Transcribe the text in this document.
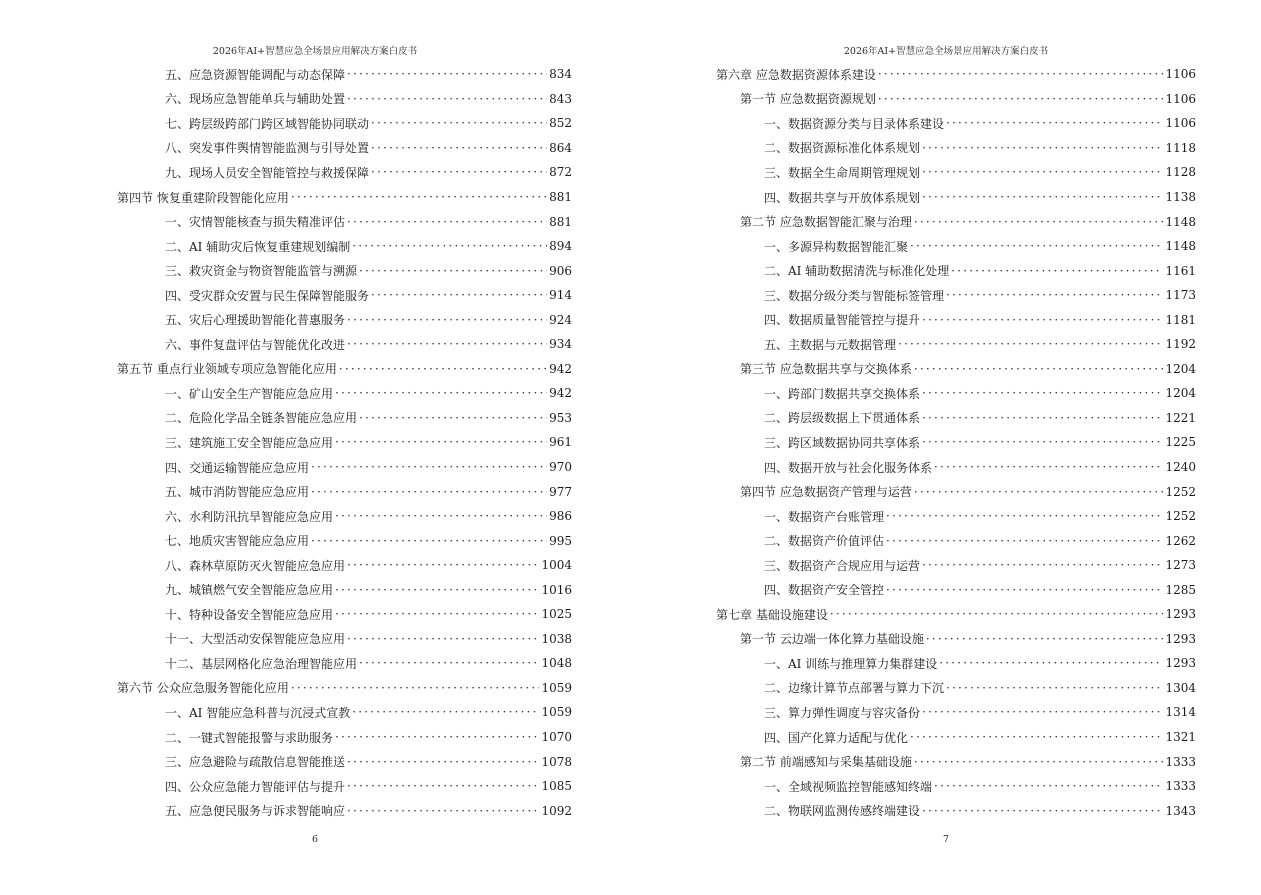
2026年AI+智慧应急全场景应用解决方案白皮书
五、应急资源智能调配与动态保障 ·····	834
六、现场应急智能单兵与辅助处置 ·····	843
七、跨层级跨部门跨区域智能协同联动 ·····	852
八、突发事件舆情智能监测与引导处置 ·····	864
九、现场人员安全智能管控与救援保障 ·····	872
第四节 恢复重建阶段智能化应用 ·····	881
一、灾情智能核查与损失精准评估 ·····	881
二、AI 辅助灾后恢复重建规划编制 ·····	894
三、救灾资金与物资智能监管与溯源 ·····	906
四、受灾群众安置与民生保障智能服务 ·····	914
五、灾后心理援助智能化普惠服务 ·····	924
六、事件复盘评估与智能优化改进 ·····	934
第五节 重点行业领域专项应急智能化应用 ·····	942
一、矿山安全生产智能应急应用 ·····	942
二、危险化学品全链条智能应急应用 ·····	953
三、建筑施工安全智能应急应用 ·····	961
四、交通运输智能应急应用 ·····	970
五、城市消防智能应急应用 ·····	977
六、水利防汛抗旱智能应急应用 ·····	986
七、地质灾害智能应急应用 ·····	995
八、森林草原防灭火智能应急应用 ·····	1004
九、城镇燃气安全智能应急应用 ·····	1016
十、特种设备安全智能应急应用 ·····	1025
十一、大型活动安保智能应急应用 ·····	1038
十二、基层网格化应急治理智能应用 ·····	1048
第六节 公众应急服务智能化应用 ·····	1059
一、AI 智能应急科普与沉浸式宣教 ·····	1059
二、一键式智能报警与求助服务 ·····	1070
三、应急避险与疏散信息智能推送 ·····	1078
四、公众应急能力智能评估与提升 ·····	1085
五、应急便民服务与诉求智能响应 ·····	1092
6
2026年AI+智慧应急全场景应用解决方案白皮书
第六章 应急数据资源体系建设 ·····	1106
第一节 应急数据资源规划 ·····	1106
一、数据资源分类与目录体系建设 ·····	1106
二、数据资源标准化体系规划 ·····	1118
三、数据全生命周期管理规划 ·····	1128
四、数据共享与开放体系规划 ·····	1138
第二节 应急数据智能汇聚与治理 ·····	1148
一、多源异构数据智能汇聚 ·····	1148
二、AI 辅助数据清洗与标准化处理 ·····	1161
三、数据分级分类与智能标签管理 ·····	1173
四、数据质量智能管控与提升 ·····	1181
五、主数据与元数据管理 ·····	1192
第三节 应急数据共享与交换体系 ·····	1204
一、跨部门数据共享交换体系 ·····	1204
二、跨层级数据上下贯通体系 ·····	1221
三、跨区域数据协同共享体系 ·····	1225
四、数据开放与社会化服务体系 ·····	1240
第四节 应急数据资产管理与运营 ·····	1252
一、数据资产台账管理 ·····	1252
二、数据资产价值评估 ·····	1262
三、数据资产合规应用与运营 ·····	1273
四、数据资产安全管控 ·····	1285
第七章 基础设施建设 ·····	1293
第一节 云边端一体化算力基础设施 ·····	1293
一、AI 训练与推理算力集群建设 ·····	1293
二、边缘计算节点部署与算力下沉 ·····	1304
三、算力弹性调度与容灾备份 ·····	1314
四、国产化算力适配与优化 ·····	1321
第二节 前端感知与采集基础设施 ·····	1333
一、全域视频监控智能感知终端 ·····	1333
二、物联网监测传感终端建设 ·····	1343
7
